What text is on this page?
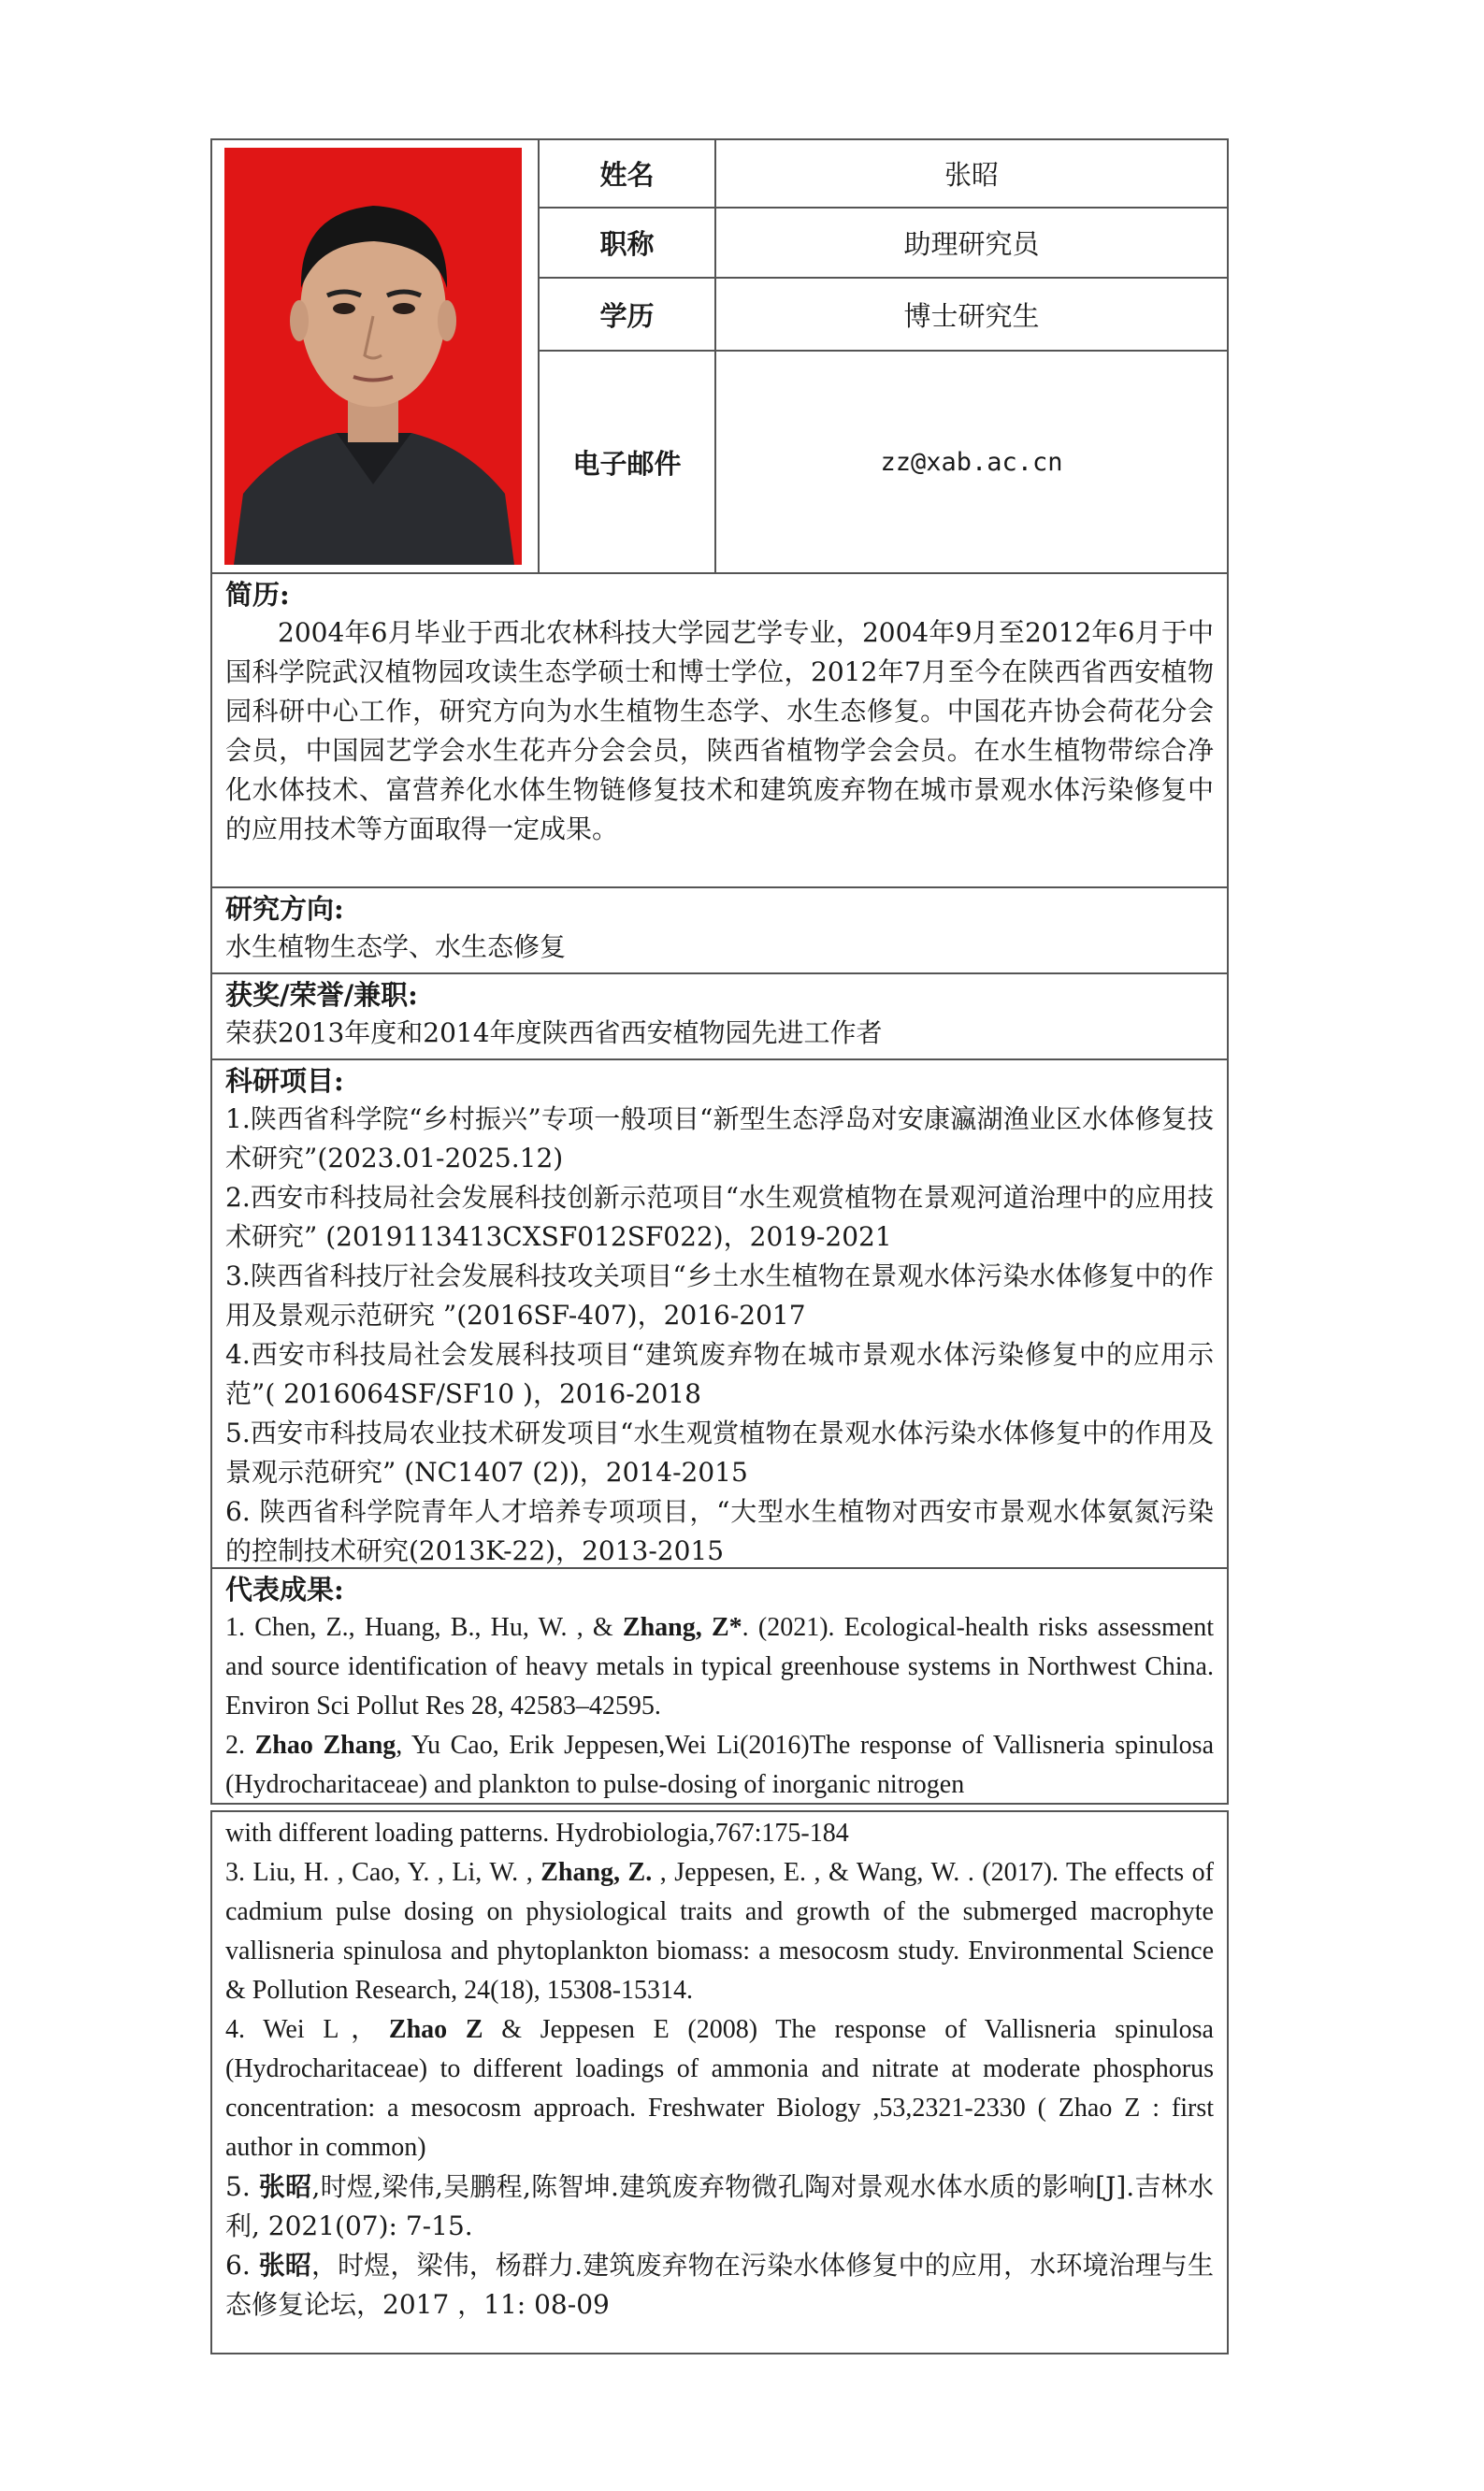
姓名	张昭
职称	助理研究员
学历	博士研究生
电子邮件	zz@xab.ac.cn
简历:

2004年6月毕业于西北农林科技大学园艺学专业，2004年9月至2012年6月于中国科学院武汉植物园攻读生态学硕士和博士学位，2012年7月至今在陕西省西安植物园科研中心工作，研究方向为水生植物生态学、水生态修复。中国花卉协会荷花分会会员，中国园艺学会水生花卉分会会员，陕西省植物学会会员。在水生植物带综合净化水体技术、富营养化水体生物链修复技术和建筑废弃物在城市景观水体污染修复中的应用技术等方面取得一定成果。

研究方向:

水生植物生态学、水生态修复

获奖/荣誉/兼职:

荣获2013年度和2014年度陕西省西安植物园先进工作者

科研项目:

1.陕西省科学院“乡村振兴”专项一般项目“新型生态浮岛对安康瀛湖渔业区水体修复技术研究”(2023.01-2025.12)

2.西安市科技局社会发展科技创新示范项目“水生观赏植物在景观河道治理中的应用技术研究” (2019113413CXSF012SF022)，2019-2021

3.陕西省科技厅社会发展科技攻关项目“乡土水生植物在景观水体污染水体修复中的作用及景观示范研究 ”(2016SF-407)，2016-2017

4.西安市科技局社会发展科技项目“建筑废弃物在城市景观水体污染修复中的应用示范”( 2016064SF/SF10 )，2016-2018

5.西安市科技局农业技术研发项目“水生观赏植物在景观水体污染水体修复中的作用及景观示范研究” (NC1407 (2))，2014-2015

6. 陕西省科学院青年人才培养专项项目，“大型水生植物对西安市景观水体氨氮污染的控制技术研究(2013K-22)，2013-2015

代表成果:

1. Chen, Z., Huang, B., Hu, W. , & Zhang, Z*. (2021). Ecological-health risks assessment and source identification of heavy metals in typical greenhouse systems in Northwest China. Environ Sci Pollut Res 28, 42583–42595.

2. Zhao Zhang, Yu Cao, Erik Jeppesen,Wei Li(2016)The response of Vallisneria spinulosa (Hydrocharitaceae) and plankton to pulse-dosing of inorganic nitrogen

with different loading patterns. Hydrobiologia,767:175-184

3. Liu, H. , Cao, Y. , Li, W. , Zhang, Z. , Jeppesen, E. , & Wang, W. . (2017). The effects of cadmium pulse dosing on physiological traits and growth of the submerged macrophyte vallisneria spinulosa and phytoplankton biomass: a mesocosm study. Environmental Science & Pollution Research, 24(18), 15308-15314.

4. Wei L，Zhao Z & Jeppesen E (2008) The response of Vallisneria spinulosa (Hydrocharitaceae) to different loadings of ammonia and nitrate at moderate phosphorus concentration: a mesocosm approach. Freshwater Biology ,53,2321-2330 ( Zhao Z : first author in common)

5. 张昭,时煜,梁伟,吴鹏程,陈智坤.建筑废弃物微孔陶对景观水体水质的影响[J].吉林水利, 2021(07): 7-15.

6. 张昭，时煜，梁伟，杨群力.建筑废弃物在污染水体修复中的应用，水环境治理与生态修复论坛，2017 ，11: 08-09
